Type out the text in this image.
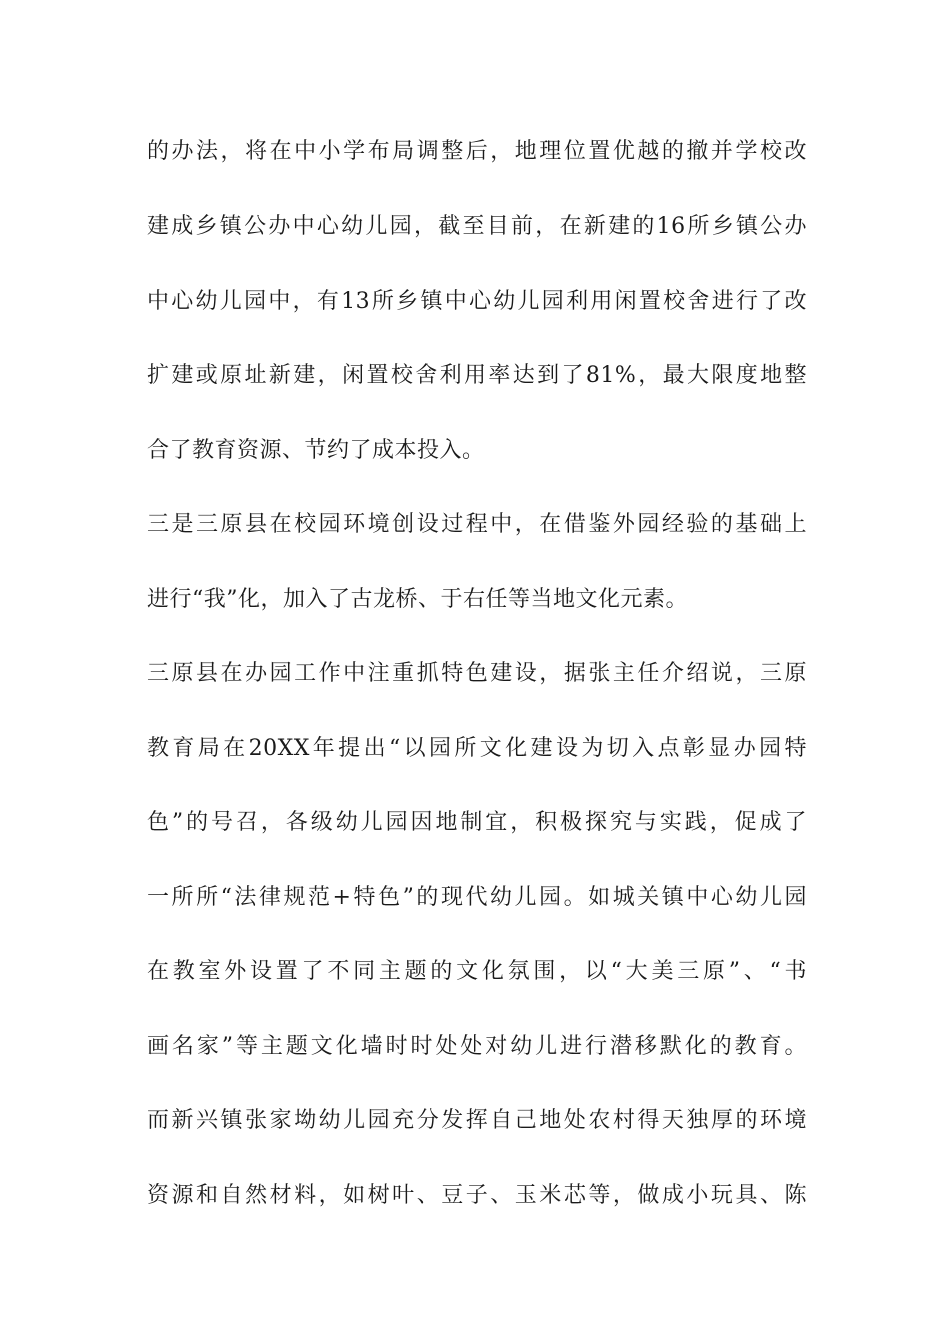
的办法，将在中小学布局调整后，地理位置优越的撤并学校改
建成乡镇公办中心幼儿园，截至目前，在新建的16所乡镇公办
中心幼儿园中，有13所乡镇中心幼儿园利用闲置校舍进行了改
扩建或原址新建，闲置校舍利用率达到了81%，最大限度地整
合了教育资源、节约了成本投入。
三是三原县在校园环境创设过程中，在借鉴外园经验的基础上
进行“我”化，加入了古龙桥、于右任等当地文化元素。
三原县在办园工作中注重抓特色建设，据张主任介绍说，三原
教育局在20XX年提出“以园所文化建设为切入点彰显办园特
色”的号召，各级幼儿园因地制宜，积极探究与实践，促成了
一所所“法律规范+特色”的现代幼儿园。如城关镇中心幼儿园
在教室外设置了不同主题的文化氛围，以“大美三原”、“书
画名家”等主题文化墙时时处处对幼儿进行潜移默化的教育。
而新兴镇张家坳幼儿园充分发挥自己地处农村得天独厚的环境
资源和自然材料，如树叶、豆子、玉米芯等，做成小玩具、陈
